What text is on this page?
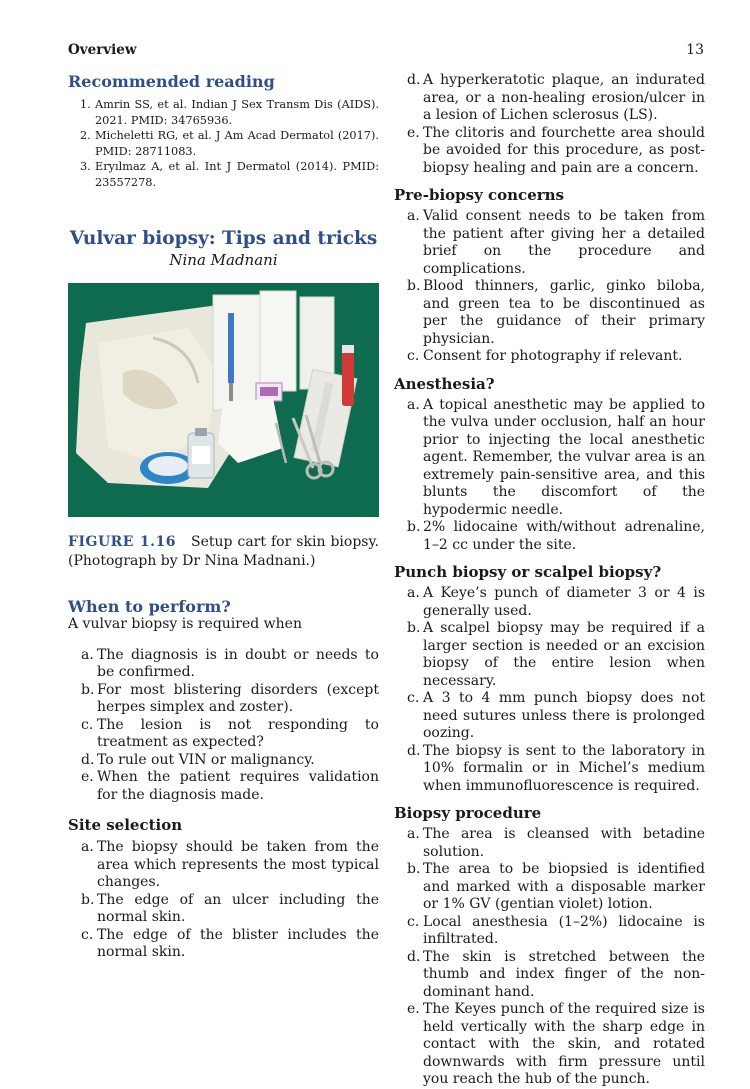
Overview	13
Recommended reading
1. Amrin SS, et al. Indian J Sex Transm Dis (AIDS). 2021. PMID: 34765936.
2. Micheletti RG, et al. J Am Acad Dermatol (2017). PMID: 28711083.
3. Eryılmaz A, et al. Int J Dermatol (2014). PMID: 23557278.
Vulvar biopsy: Tips and tricks

Nina Madnani

FIGURE 1.16 Setup cart for skin biopsy. (Photograph by Dr Nina Madnani.)

When to perform?

A vulvar biopsy is required when

a. The diagnosis is in doubt or needs to be confirmed.
b. For most blistering disorders (except herpes simplex and zoster).
c. The lesion is not responding to treatment as expected?
d. To rule out VIN or malignancy.
e. When the patient requires validation for the diagnosis made.
Site selection
a. The biopsy should be taken from the area which represents the most typical changes.
b. The edge of an ulcer including the normal skin.
c. The edge of the blister includes the normal skin.
d. A hyperkeratotic plaque, an indurated area, or a non-healing erosion/ulcer in a lesion of Lichen sclerosus (LS).
e. The clitoris and fourchette area should be avoided for this procedure, as post-biopsy healing and pain are a concern.
Pre-biopsy concerns
a. Valid consent needs to be taken from the patient after giving her a detailed brief on the procedure and complications.
b. Blood thinners, garlic, ginko biloba, and green tea to be discontinued as per the guidance of their primary physician.
c. Consent for photography if relevant.
Anesthesia?
a. A topical anesthetic may be applied to the vulva under occlusion, half an hour prior to injecting the local anesthetic agent. Remember, the vulvar area is an extremely pain-sensitive area, and this blunts the discomfort of the hypodermic needle.
b. 2% lidocaine with/without adrenaline, 1–2 cc under the site.
Punch biopsy or scalpel biopsy?
a. A Keye’s punch of diameter 3 or 4 is generally used.
b. A scalpel biopsy may be required if a larger section is needed or an excision biopsy of the entire lesion when necessary.
c. A 3 to 4 mm punch biopsy does not need sutures unless there is prolonged oozing.
d. The biopsy is sent to the laboratory in 10% formalin or in Michel’s medium when immunofluorescence is required.
Biopsy procedure
a. The area is cleansed with betadine solution.
b. The area to be biopsied is identified and marked with a disposable marker or 1% GV (gentian violet) lotion.
c. Local anesthesia (1–2%) lidocaine is infiltrated.
d. The skin is stretched between the thumb and index finger of the non-dominant hand.
e. The Keyes punch of the required size is held vertically with the sharp edge in contact with the skin, and rotated downwards with firm pressure until you reach the hub of the punch.
